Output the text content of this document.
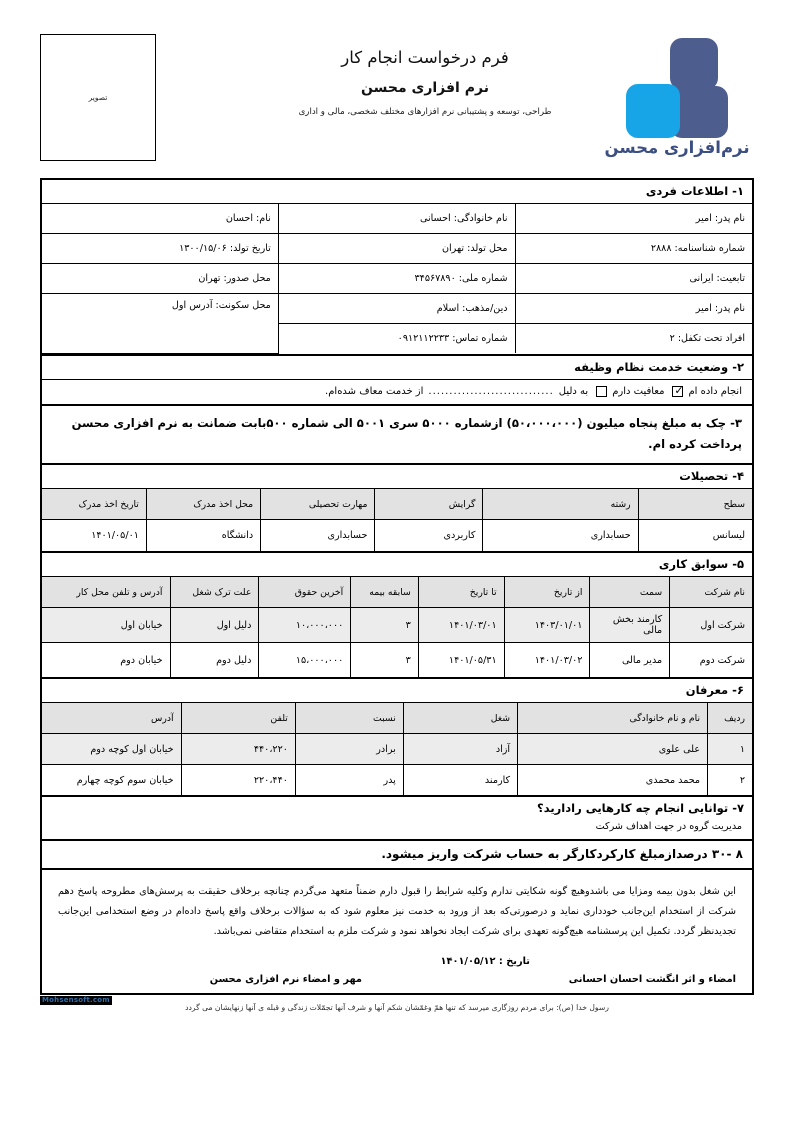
تصویر
فرم درخواست انجام کار
نرم افزاری محسن
طراحی، توسعه و پشتیبانی نرم افزارهای مختلف شخصی، مالی و اداری
نرم‌افزارى محسن
۱- اطلاعات فردی
نام پدر: امیر	نام خانوادگی: احسانی	نام: احسان
شماره شناسنامه: ۲۸۸۸	محل تولد: تهران	تاریخ تولد: ۱۳۰۰/۱۵/۰۶
تابعیت: ایرانی	شماره ملی: ۳۴۵۶۷۸۹۰	محل صدور: تهران
نام پدر: امیر	دین/مذهب: اسلام	محل سکونت: آدرس اول
افراد تحت تکفل: ۲	شماره تماس: ۰۹۱۲۱۱۲۲۳۳	
۲- وضعیت خدمت نظام وظیفه
انجام داده ام
✓
معافیت دارم
به دلیل
..............................
از خدمت معاف شده‌ام.
۳- چک به مبلغ پنجاه میلیون (۵۰،۰۰۰،۰۰۰) ازشماره ۵۰۰۰ سری ۵۰۰۱ الی شماره ۵۰۰بابت ضمانت به نرم افزاری محسن پرداخت کرده ام.
۴- تحصیلات
سطح	رشته	گرایش	مهارت تحصیلی	محل اخذ مدرک	تاریخ اخذ مدرک
لیسانس	حسابداری	کاربردی	حسابداری	دانشگاه	۱۴۰۱/۰۵/۰۱
۵- سوابق کاری
نام شرکت	سمت	از تاریخ	تا تاریخ	سابقه بیمه	آخرین حقوق	علت ترک شغل	آدرس و تلفن محل کار
شرکت اول	کارمند بخش مالی	۱۴۰۳/۰۱/۰۱	۱۴۰۱/۰۳/۰۱	۳	۱۰،۰۰۰،۰۰۰	دلیل اول	خیابان اول
شرکت دوم	مدیر مالی	۱۴۰۱/۰۳/۰۲	۱۴۰۱/۰۵/۳۱	۳	۱۵،۰۰۰،۰۰۰	دلیل دوم	خیابان دوم
۶- معرفان
ردیف	نام و نام خانوادگی	شغل	نسبت	تلفن	آدرس
۱	علی علوی	آزاد	برادر	۴۴۰،۲۲۰	خیابان اول کوچه دوم
۲	محمد محمدی	کارمند	پدر	۲۲۰،۴۴۰	خیابان سوم کوچه چهارم
۷- توانایی انجام چه کارهایی رادارید؟
مدیریت گروه در جهت اهداف شرکت
۸ -۳۰ درصدازمبلغ کارکردکارگر به حساب شرکت واریز میشود.
این شغل بدون بیمه ومزایا می باشدوهیچ گونه شکایتی ندارم وکلیه شرایط را قبول دارم ضمناً متعهد می‌گردم چنانچه برخلاف حقیقت به پرسش‌های مطروحه پاسخ دهم شرکت از استخدام این‌جانب خودداری نماید و درصورتی‌که بعد از ورود به خدمت نیز معلوم شود که به سؤالات برخلاف واقع پاسخ داده‌ام در وضع استخدامی این‌جانب تجدیدنظر گردد. تکمیل این پرسشنامه هیچ‌گونه تعهدی برای شرکت ایجاد نخواهد نمود و شرکت ملزم به استخدام متقاضی نمی‌باشد.
تاریخ : ۱۴۰۱/۰۵/۱۲
امضاء و اثر انگشت احسان احسانی
مهر و امضاء نرم افزاری محسن
Mohsensoft.com
رسول خدا (ص): برای مردم روزگاری میرسد که تنها همّ وغمّشان شکم آنها و شرف آنها تجمّلات زندگی و قبله ی آنها زنهایشان می گردد
